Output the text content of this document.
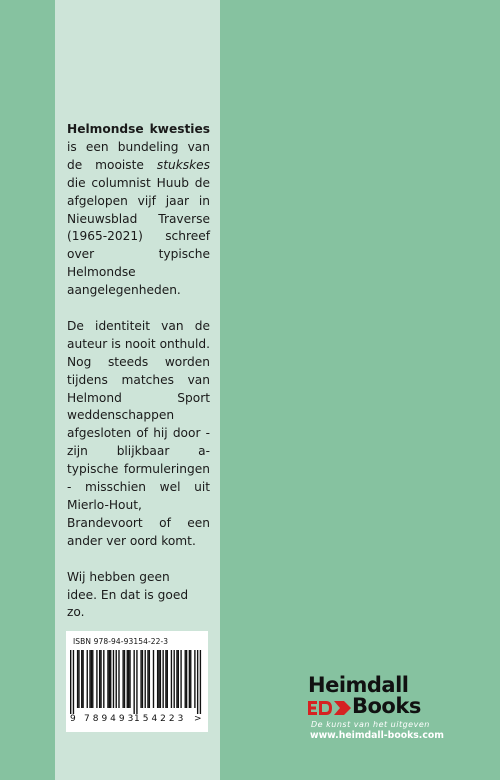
Helmondse kwesties is een bundeling van de mooiste stukskes die columnist Huub de afgelopen vijf jaar in Nieuwsblad Traverse (1965-2021) schreef over typische Helmondse aangelegenheden.

De identiteit van de auteur is nooit onthuld. Nog steeds worden tijdens matches van Helmond Sport weddenschappen afgesloten of hij door - zijn blijkbaar a-typische formuleringen - misschien wel uit Mierlo-Hout, Brandevoort of een ander ver oord komt.

Wij hebben geen idee. En dat is goed zo.

ISBN 978-94-93154-22-3
9 789493
154223 >
Heimdall
Books
De kunst van het uitgeven
www.heimdall-books.com
